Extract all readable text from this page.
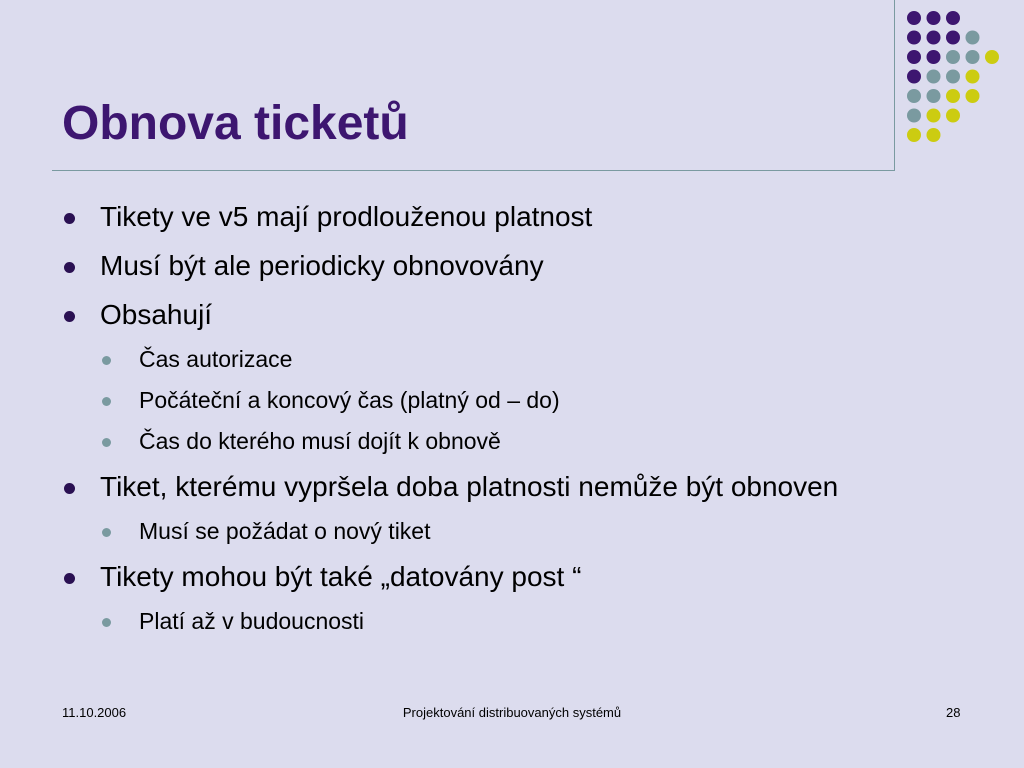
Obnova ticketů
Tikety ve v5 mají prodlouženou platnost
Musí být ale periodicky obnovovány
Obsahují
Čas autorizace
Počáteční a koncový čas (platný od – do)
Čas do kterého musí dojít k obnově
Tiket, kterému vypršela doba platnosti nemůže být obnoven
Musí se požádat o nový tiket
Tikety mohou být také „datovány post “
Platí až v budoucnosti
11.10.2006	Projektování distribuovaných systémů	28
